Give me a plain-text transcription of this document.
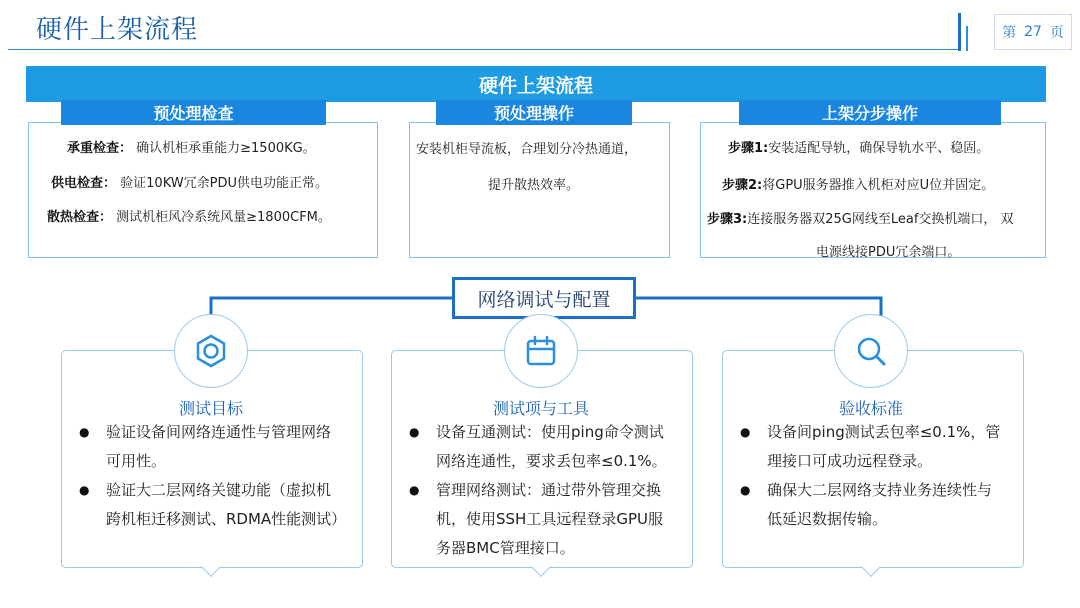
硬件上架流程	第 27 页
硬件上架流程
预处理检查
承重检查： 确认机柜承重能力≥1500KG。
供电检查： 验证10KW冗余PDU供电功能正常。
散热检查： 测试机柜风冷系统风量≥1800CFM。
预处理操作
安装机柜导流板，合理划分冷热通道，
提升散热效率。
上架分步操作
步骤1:安装适配导轨，确保导轨水平、稳固。
步骤2:将GPU服务器推入机柜对应U位并固定。
步骤3:连接服务器双25G网线至Leaf交换机端口， 双
电源线接PDU冗余端口。
网络调试与配置
测试目标
● 验证设备间网络连通性与管理网络
可用性。
● 验证大二层网络关键功能（虚拟机
跨机柜迁移测试、RDMA性能测试）
测试项与工具
● 设备互通测试：使用ping命令测试
网络连通性，要求丢包率≤0.1%。
● 管理网络测试：通过带外管理交换
机，使用SSH工具远程登录GPU服
务器BMC管理接口。
验收标准
● 设备间ping测试丢包率≤0.1%，管
理接口可成功远程登录。
● 确保大二层网络支持业务连续性与
低延迟数据传输。
